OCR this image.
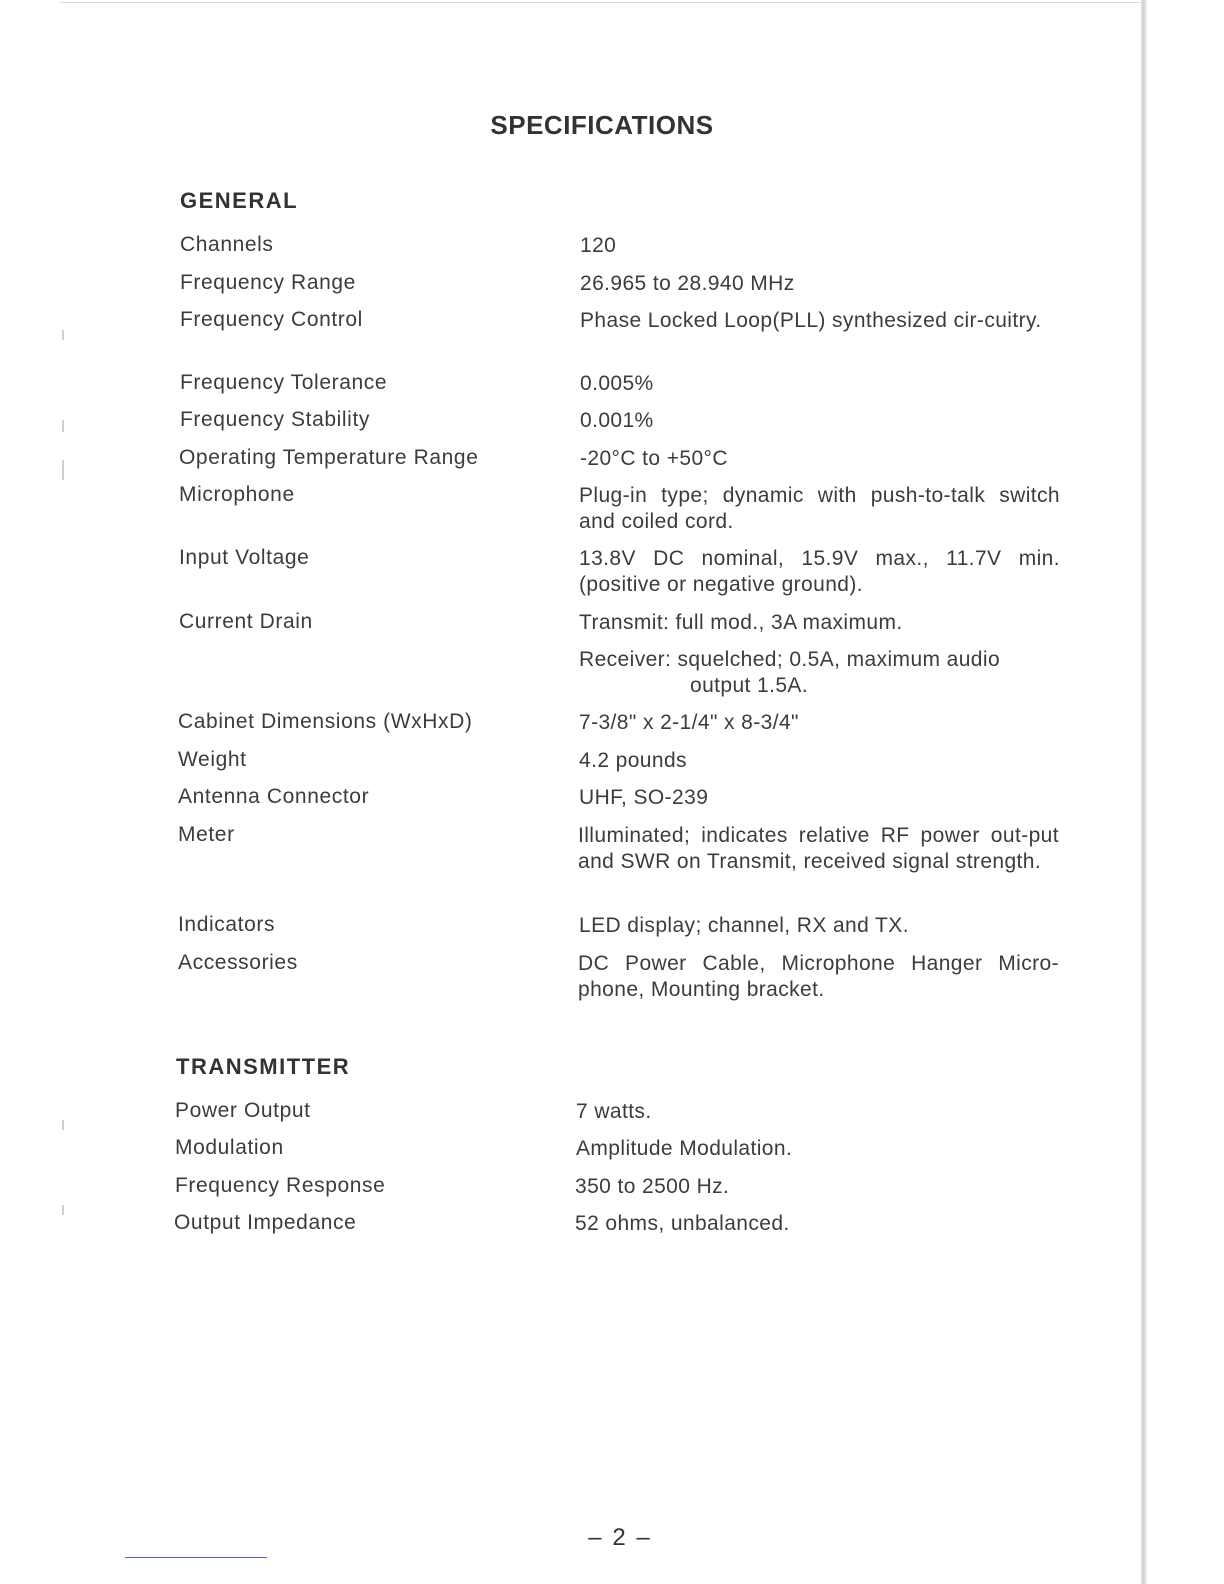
SPECIFICATIONS
GENERAL
Channels	120
Frequency Range	26.965 to 28.940 MHz
Frequency Control	Phase Locked Loop(PLL) synthesized cir-cuitry.
Frequency Tolerance	0.005%
Frequency Stability	0.001%
Operating Temperature Range	-20°C to +50°C
Microphone	Plug-in type; dynamic with push-to-talk switch and coiled cord.
Input Voltage	13.8V DC nominal, 15.9V max., 11.7V min. (positive or negative ground).
Current Drain	Transmit: full mod., 3A maximum.
Receiver: squelched; 0.5A, maximum audio
output 1.5A.
Cabinet Dimensions (WxHxD)	7-3/8" x 2-1/4" x 8-3/4"
Weight	4.2 pounds
Antenna Connector	UHF, SO-239
Meter	Illuminated; indicates relative RF power out-put and SWR on Transmit, received signal strength.
Indicators	LED display; channel, RX and TX.
Accessories	DC Power Cable, Microphone Hanger Micro-phone, Mounting bracket.
TRANSMITTER
Power Output	7 watts.
Modulation	Amplitude Modulation.
Frequency Response	350 to 2500 Hz.
Output Impedance	52 ohms, unbalanced.
– 2 –
